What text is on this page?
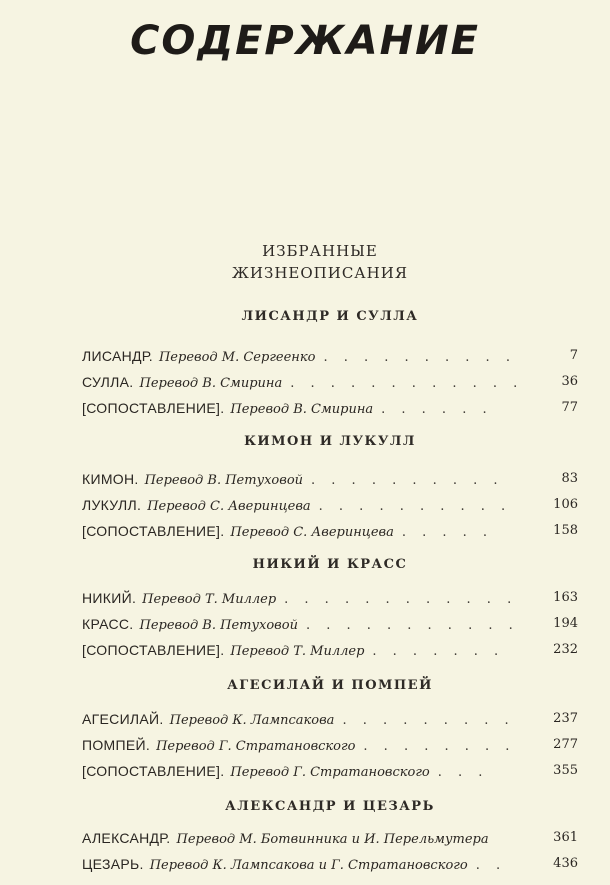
СОДЕРЖАНИЕ
ИЗБРАННЫЕ
ЖИЗНЕОПИСАНИЯ
ЛИСАНДР И СУЛЛА
ЛИСАНДР. Перевод М. Сергеенко . . . . . . . . . .	7
СУЛЛА. Перевод В. Смирина . . . . . . . . . . . .	36
[СОПОСТАВЛЕНИЕ]. Перевод В. Смирина . . . . . .	77
КИМОН И ЛУКУЛЛ
КИМОН. Перевод В. Петуховой . . . . . . . . . .	83
ЛУКУЛЛ. Перевод С. Аверинцева . . . . . . . . . .	106
[СОПОСТАВЛЕНИЕ]. Перевод С. Аверинцева . . . . .	158
НИКИЙ И КРАСС
НИКИЙ. Перевод Т. Миллер . . . . . . . . . . . .	163
КРАСС. Перевод В. Петуховой . . . . . . . . . . .	194
[СОПОСТАВЛЕНИЕ]. Перевод Т. Миллер . . . . . . .	232
АГЕСИЛАЙ И ПОМПЕЙ
АГЕСИЛАЙ. Перевод К. Лампсакова . . . . . . . . .	237
ПОМПЕЙ. Перевод Г. Стратановского . . . . . . . .	277
[СОПОСТАВЛЕНИЕ]. Перевод Г. Стратановского . . .	355
АЛЕКСАНДР И ЦЕЗАРЬ
АЛЕКСАНДР. Перевод М. Ботвинника и И. Перельмутера	361
ЦЕЗАРЬ. Перевод К. Лампсакова и Г. Стратановского . .	436
